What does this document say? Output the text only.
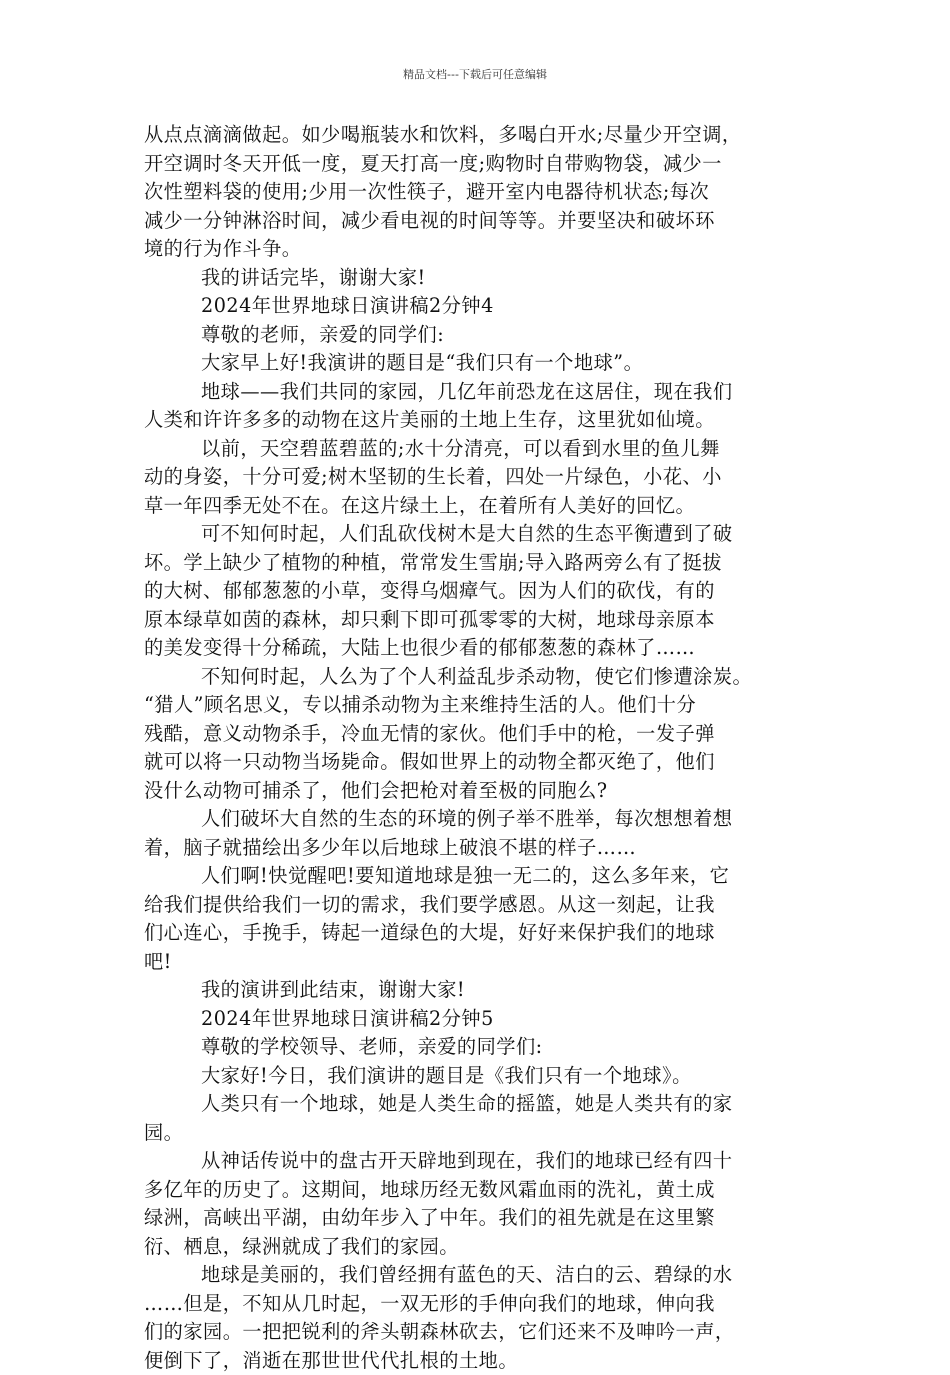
精品文档---下载后可任意编辑
从点点滴滴做起。如少喝瓶装水和饮料，多喝白开水;尽量少开空调，
开空调时冬天开低一度，夏天打高一度;购物时自带购物袋，减少一
次性塑料袋的使用;少用一次性筷子，避开室内电器待机状态;每次
减少一分钟淋浴时间，减少看电视的时间等等。并要坚决和破坏环
境的行为作斗争。
我的讲话完毕，谢谢大家!
2024年世界地球日演讲稿2分钟4
尊敬的老师，亲爱的同学们:
大家早上好!我演讲的题目是“我们只有一个地球”。
地球——我们共同的家园，几亿年前恐龙在这居住，现在我们
人类和许许多多的动物在这片美丽的土地上生存，这里犹如仙境。
以前，天空碧蓝碧蓝的;水十分清亮，可以看到水里的鱼儿舞
动的身姿，十分可爱;树木坚韧的生长着，四处一片绿色，小花、小
草一年四季无处不在。在这片绿土上，在着所有人美好的回忆。
可不知何时起，人们乱砍伐树木是大自然的生态平衡遭到了破
坏。学上缺少了植物的种植，常常发生雪崩;导入路两旁么有了挺拔
的大树、郁郁葱葱的小草，变得乌烟瘴气。因为人们的砍伐，有的
原本绿草如茵的森林，却只剩下即可孤零零的大树，地球母亲原本
的美发变得十分稀疏，大陆上也很少看的郁郁葱葱的森林了……
不知何时起，人么为了个人利益乱步杀动物，使它们惨遭涂炭。
“猎人”顾名思义，专以捕杀动物为主来维持生活的人。他们十分
残酷，意义动物杀手，冷血无情的家伙。他们手中的枪，一发子弹
就可以将一只动物当场毙命。假如世界上的动物全都灭绝了，他们
没什么动物可捕杀了，他们会把枪对着至极的同胞么?
人们破坏大自然的生态的环境的例子举不胜举，每次想想着想
着，脑子就描绘出多少年以后地球上破浪不堪的样子……
人们啊!快觉醒吧!要知道地球是独一无二的，这么多年来，它
给我们提供给我们一切的需求，我们要学感恩。从这一刻起，让我
们心连心，手挽手，铸起一道绿色的大堤，好好来保护我们的地球
吧!
我的演讲到此结束，谢谢大家!
2024年世界地球日演讲稿2分钟5
尊敬的学校领导、老师，亲爱的同学们:
大家好!今日，我们演讲的题目是《我们只有一个地球》。
人类只有一个地球，她是人类生命的摇篮，她是人类共有的家
园。
从神话传说中的盘古开天辟地到现在，我们的地球已经有四十
多亿年的历史了。这期间，地球历经无数风霜血雨的洗礼，黄土成
绿洲，高峡出平湖，由幼年步入了中年。我们的祖先就是在这里繁
衍、栖息，绿洲就成了我们的家园。
地球是美丽的，我们曾经拥有蓝色的天、洁白的云、碧绿的水
……但是，不知从几时起，一双无形的手伸向我们的地球，伸向我
们的家园。一把把锐利的斧头朝森林砍去，它们还来不及呻吟一声，
便倒下了，消逝在那世世代代扎根的土地。
